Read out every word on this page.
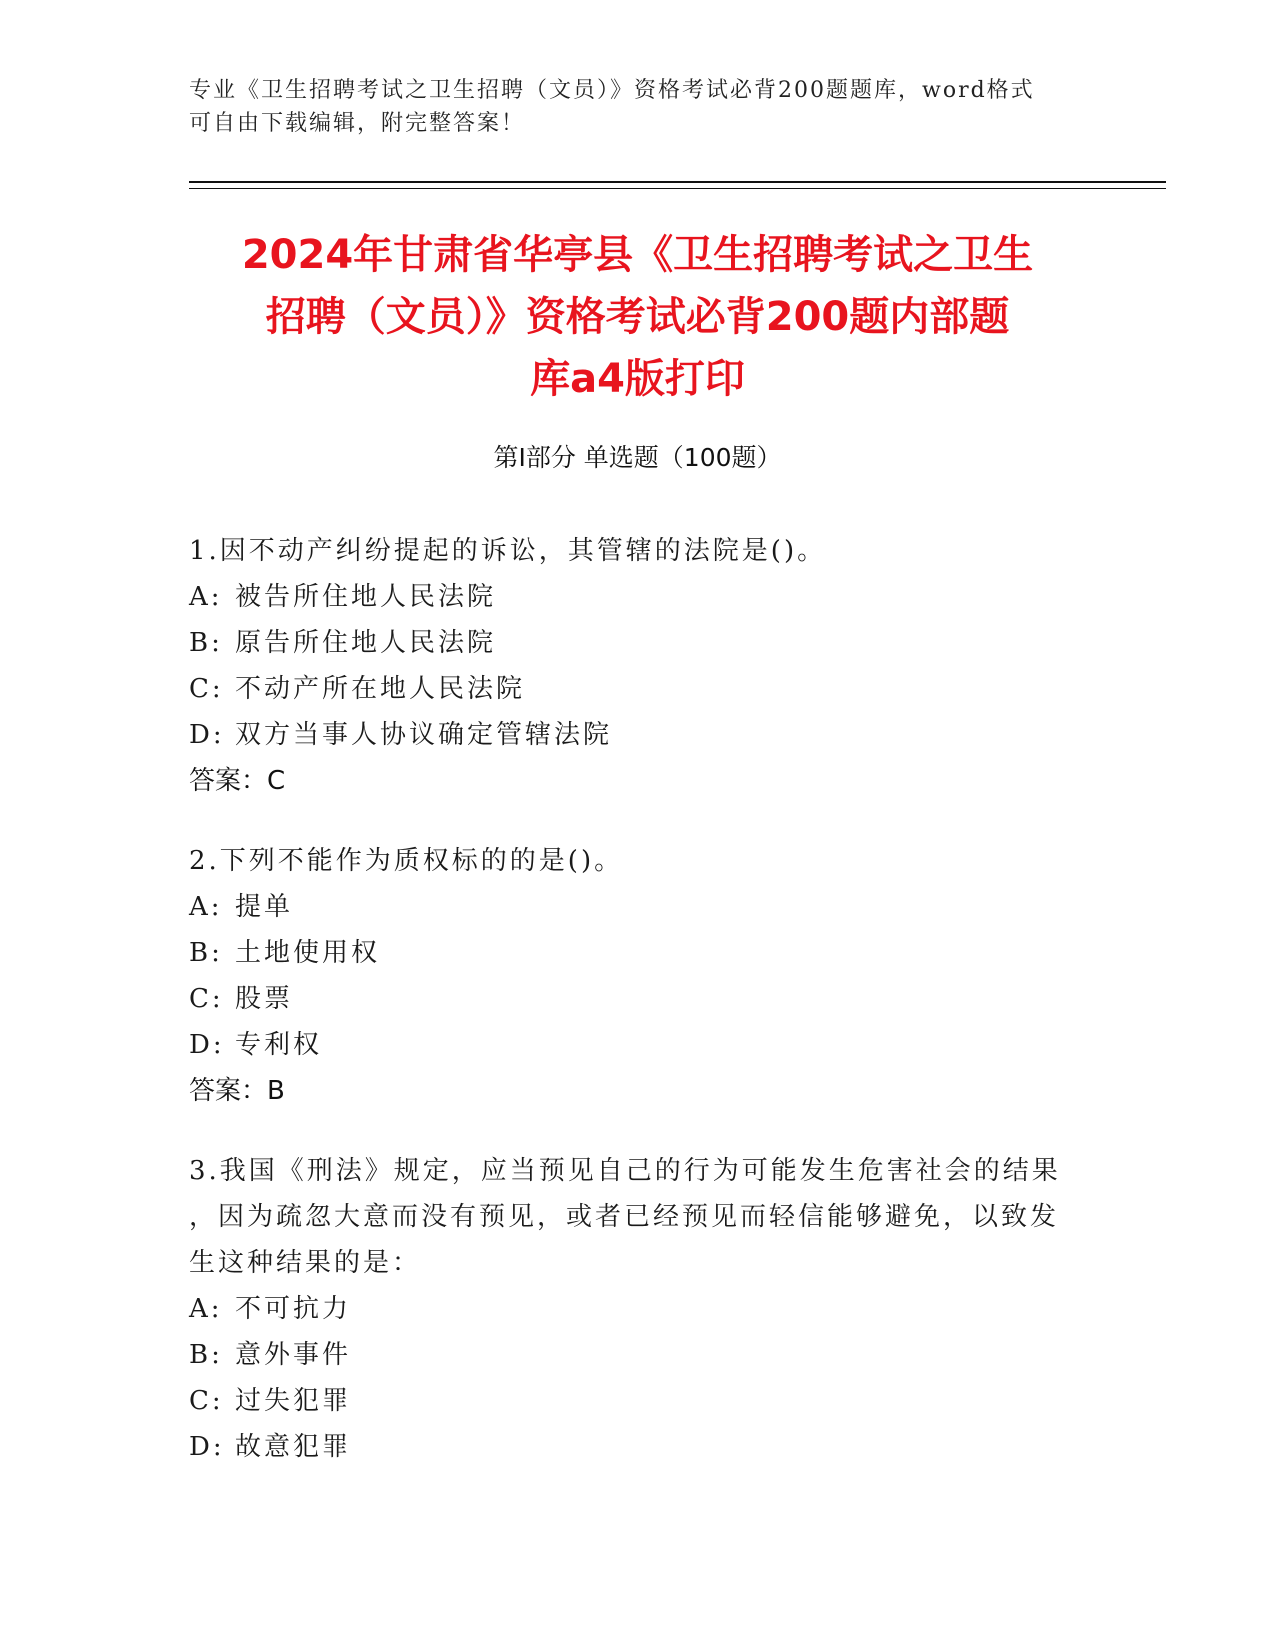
专业《卫生招聘考试之卫生招聘（文员）》资格考试必背200题题库，word格式
可自由下载编辑，附完整答案！
2024年甘肃省华亭县《卫生招聘考试之卫生
招聘（文员）》资格考试必背200题内部题
库a4版打印
第Ⅰ部分 单选题（100题）
1.因不动产纠纷提起的诉讼，其管辖的法院是()。
A: 被告所住地人民法院
B: 原告所住地人民法院
C: 不动产所在地人民法院
D: 双方当事人协议确定管辖法院
答案：C
2.下列不能作为质权标的的是()。
A: 提单
B: 土地使用权
C: 股票
D: 专利权
答案：B
3.我国《刑法》规定，应当预见自己的行为可能发生危害社会的结果
，因为疏忽大意而没有预见，或者已经预见而轻信能够避免，以致发
生这种结果的是：
A: 不可抗力
B: 意外事件
C: 过失犯罪
D: 故意犯罪
